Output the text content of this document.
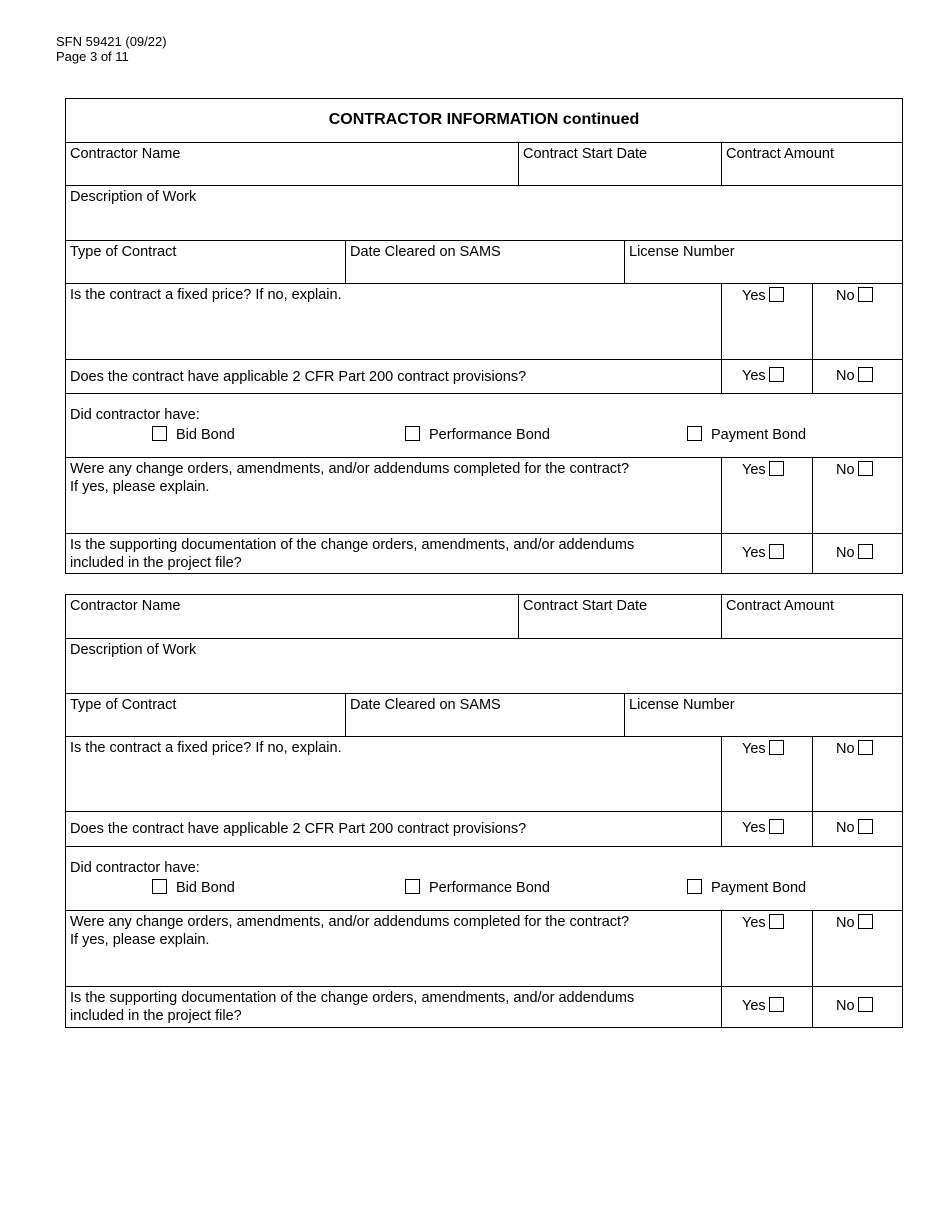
SFN 59421 (09/22)
Page 3 of 11
CONTRACTOR INFORMATION continued
Contractor Name	Contract Start Date	Contract Amount
Description of Work
Type of Contract	Date Cleared on SAMS	License Number
Is the contract a fixed price? If no, explain.	Yes	No
Does the contract have applicable 2 CFR Part 200 contract provisions?	Yes	No
Did contractor have:
Bid Bond	Performance Bond	Payment Bond
Were any change orders, amendments, and/or addendums completed for the contract?
If yes, please explain.
Yes	No
Is the supporting documentation of the change orders, amendments, and/or addendums
included in the project file?
Yes	No
Contractor Name	Contract Start Date	Contract Amount
Description of Work
Type of Contract	Date Cleared on SAMS	License Number
Is the contract a fixed price? If no, explain.	Yes	No
Does the contract have applicable 2 CFR Part 200 contract provisions?	Yes	No
Did contractor have:
Bid Bond	Performance Bond	Payment Bond
Were any change orders, amendments, and/or addendums completed for the contract?
If yes, please explain.
Yes	No
Is the supporting documentation of the change orders, amendments, and/or addendums
included in the project file?
Yes	No
